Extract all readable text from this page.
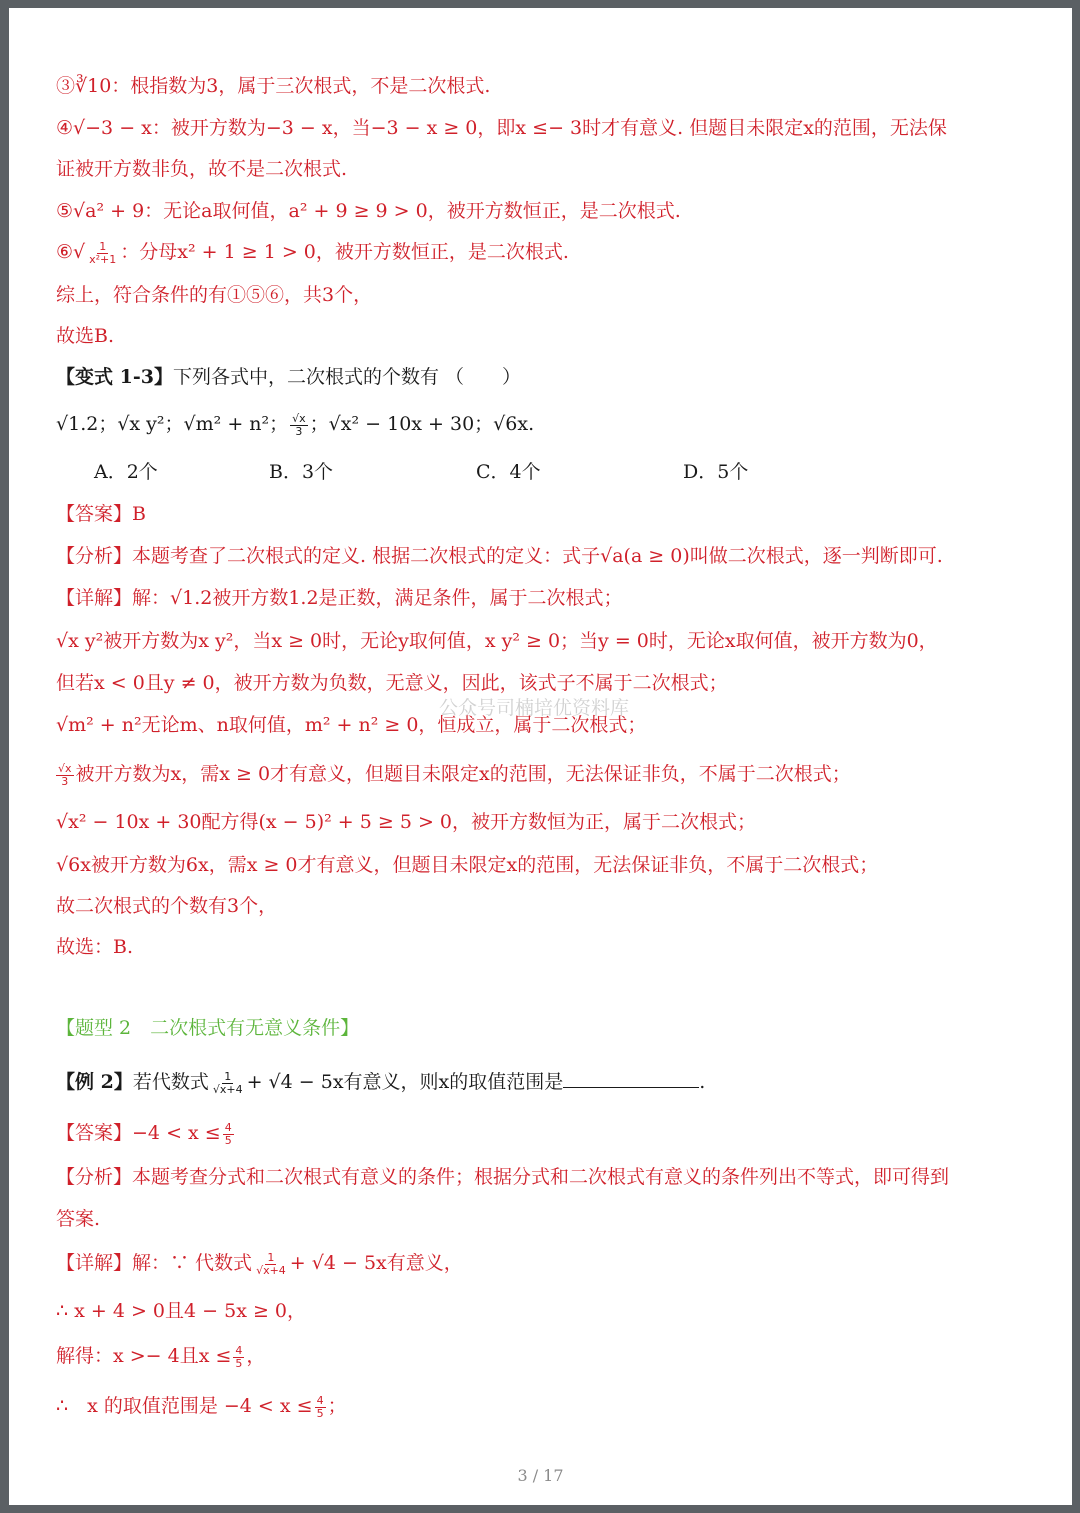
③∛10：根指数为3，属于三次根式，不是二次根式.
④√−3 − x：被开方数为−3 − x，当−3 − x ≥ 0，即x ≤− 3时才有意义. 但题目未限定x的范围，无法保
证被开方数非负，故不是二次根式.
⑤√a² + 9：无论a取何值，a² + 9 ≥ 9 > 0，被开方数恒正，是二次根式.
⑥√ $\frac{1}{\text{x²+1}}$ ：分母x² + 1 ≥ 1 > 0，被开方数恒正，是二次根式.
综上，符合条件的有①⑤⑥，共3个，
故选B.
【变式 1-3】下列各式中，二次根式的个数有 （　　）
√1.2；√x y²；√m² + n²； $\frac{√x}{3}$ ；√x² − 10x + 30；√6x.
A．2个	B．3个	C．4个	D．5个
【答案】B
【分析】本题考查了二次根式的定义. 根据二次根式的定义：式子√a(a ≥ 0)叫做二次根式，逐一判断即可.
【详解】解：√1.2被开方数1.2是正数，满足条件，属于二次根式；
√x y²被开方数为x y²，当x ≥ 0时，无论y取何值，x y² ≥ 0；当y = 0时，无论x取何值，被开方数为0，
但若x < 0且y ≠ 0，被开方数为负数，无意义，因此，该式子不属于二次根式；
√m² + n²无论m、n取何值，m² + n² ≥ 0，恒成立，属于二次根式；
$\frac{√x}{3}$ 被开方数为x，需x ≥ 0才有意义，但题目未限定x的范围，无法保证非负，不属于二次根式；
√x² − 10x + 30配方得(x − 5)² + 5 ≥ 5 > 0，被开方数恒为正，属于二次根式；
√6x被开方数为6x，需x ≥ 0才有意义，但题目未限定x的范围，无法保证非负，不属于二次根式；
故二次根式的个数有3个，
故选：B.
【题型 2　二次根式有无意义条件】
【例 2】若代数式 $\frac{1}{√x+4} + √4 - 5x$有意义，则x的取值范围是	.
【答案】$-4 < x \le \frac{4}{5}$
【分析】本题考查分式和二次根式有意义的条件；根据分式和二次根式有意义的条件列出不等式，即可得到
答案.
【详解】解：∵ 代数式 $\frac{1}{√x+4} + √4 - 5x$有意义，
∴ x + 4 > 0且4 − 5x ≥ 0，
解得：x >− 4且$x \le \frac{4}{5}$ ，
∴　x 的取值范围是 $-4 < x \le \frac{4}{5}$ ；
公众号司楠培优资料库
3 / 17
